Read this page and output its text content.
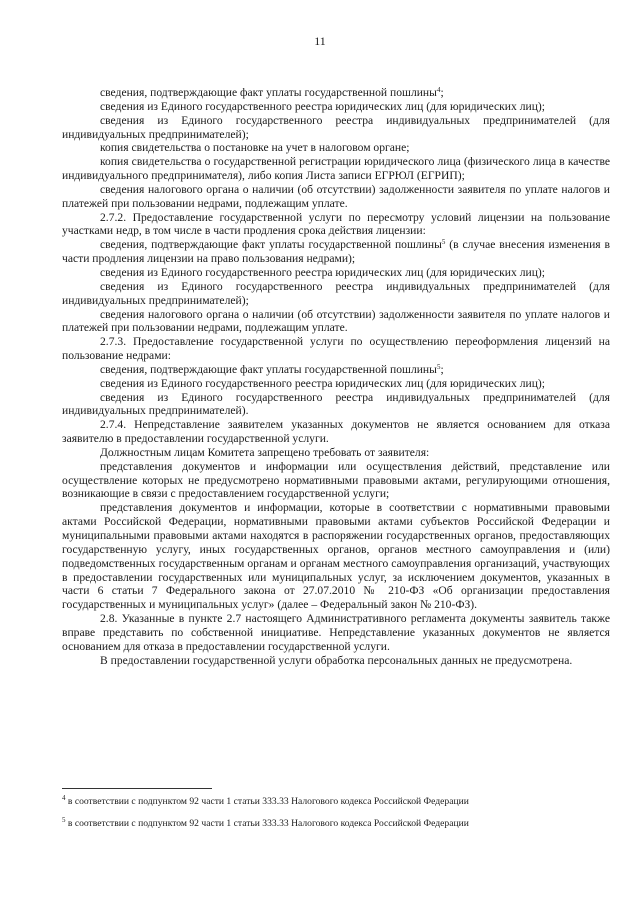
11

сведения, подтверждающие факт уплаты государственной пошлины$^4$;

сведения из Единого государственного реестра юридических лиц (для юридических лиц);

сведения из Единого государственного реестра индивидуальных предпринимателей (для индивидуальных предпринимателей);

копия свидетельства о постановке на учет в налоговом органе;

копия свидетельства о государственной регистрации юридического лица (физического лица в качестве индивидуального предпринимателя), либо копия Листа записи ЕГРЮЛ (ЕГРИП);

сведения налогового органа о наличии (об отсутствии) задолженности заявителя по уплате налогов и платежей при пользовании недрами, подлежащим уплате.

2.7.2. Предоставление государственной услуги по пересмотру условий лицензии на пользование участками недр, в том числе в части продления срока действия лицензии:

сведения, подтверждающие факт уплаты государственной пошлины$^5$ (в случае внесения изменения в части продления лицензии на право пользования недрами);

сведения из Единого государственного реестра юридических лиц (для юридических лиц);

сведения из Единого государственного реестра индивидуальных предпринимателей (для индивидуальных предпринимателей);

сведения налогового органа о наличии (об отсутствии) задолженности заявителя по уплате налогов и платежей при пользовании недрами, подлежащим уплате.

2.7.3. Предоставление государственной услуги по осуществлению переоформления лицензий на пользование недрами:

сведения, подтверждающие факт уплаты государственной пошлины$^5$;

сведения из Единого государственного реестра юридических лиц (для юридических лиц);

сведения из Единого государственного реестра индивидуальных предпринимателей (для индивидуальных предпринимателей).

2.7.4. Непредставление заявителем указанных документов не является основанием для отказа заявителю в предоставлении государственной услуги.

Должностным лицам Комитета запрещено требовать от заявителя:

представления документов и информации или осуществления действий, представление или осуществление которых не предусмотрено нормативными правовыми актами, регулирующими отношения, возникающие в связи с предоставлением государственной услуги;

представления документов и информации, которые в соответствии с нормативными правовыми актами Российской Федерации, нормативными правовыми актами субъектов Российской Федерации и муниципальными правовыми актами находятся в распоряжении государственных органов, предоставляющих государственную услугу, иных государственных органов, органов местного самоуправления и (или) подведомственных государственным органам и органам местного самоуправления организаций, участвующих в предоставлении государственных или муниципальных услуг, за исключением документов, указанных в части 6 статьи 7 Федерального закона от 27.07.2010 № 210-ФЗ «Об организации предоставления государственных и муниципальных услуг» (далее – Федеральный закон № 210-ФЗ).

2.8. Указанные в пункте 2.7 настоящего Административного регламента документы заявитель также вправе представить по собственной инициативе. Непредставление указанных документов не является основанием для отказа в предоставлении государственной услуги.

В предоставлении государственной услуги обработка персональных данных не предусмотрена.

$^4$ в соответствии с подпунктом 92 части 1 статьи 333.33 Налогового кодекса Российской Федерации
$^5$ в соответствии с подпунктом 92 части 1 статьи 333.33 Налогового кодекса Российской Федерации
